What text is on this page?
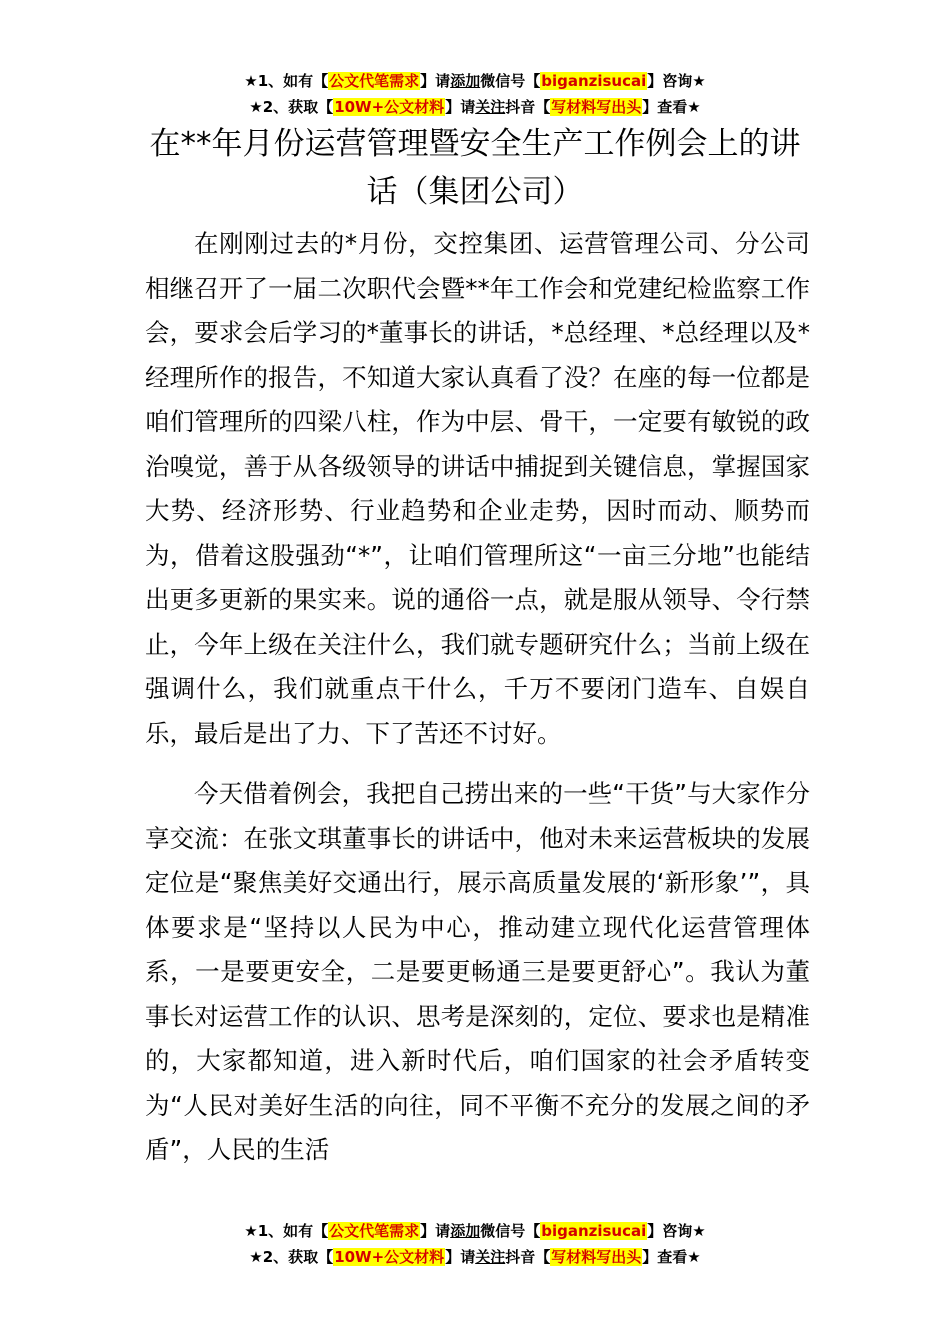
★1、如有【公文代笔需求】请添加微信号【biganzisucai】咨询★
★2、获取【10W+公文材料】请关注抖音【写材料写出头】查看★
在**年月份运营管理暨安全生产工作例会上的讲话（集团公司）

在刚刚过去的*月份，交控集团、运营管理公司、分公司相继召开了一届二次职代会暨**年工作会和党建纪检监察工作会，要求会后学习的*董事长的讲话，*总经理、*总经理以及*经理所作的报告，不知道大家认真看了没？在座的每一位都是咱们管理所的四梁八柱，作为中层、骨干，一定要有敏锐的政治嗅觉，善于从各级领导的讲话中捕捉到关键信息，掌握国家大势、经济形势、行业趋势和企业走势，因时而动、顺势而为，借着这股强劲“*”，让咱们管理所这“一亩三分地”也能结出更多更新的果实来。说的通俗一点，就是服从领导、令行禁止，今年上级在关注什么，我们就专题研究什么；当前上级在强调什么，我们就重点干什么，千万不要闭门造车、自娱自乐，最后是出了力、下了苦还不讨好。

今天借着例会，我把自己捞出来的一些“干货”与大家作分享交流：在张文琪董事长的讲话中，他对未来运营板块的发展定位是“聚焦美好交通出行，展示高质量发展的‘新形象’”，具体要求是“坚持以人民为中心，推动建立现代化运营管理体系，一是要更安全，二是要更畅通三是要更舒心”。我认为董事长对运营工作的认识、思考是深刻的，定位、要求也是精准的，大家都知道，进入新时代后，咱们国家的社会矛盾转变为“人民对美好生活的向往，同不平衡不充分的发展之间的矛盾”，人民的生活

★1、如有【公文代笔需求】请添加微信号【biganzisucai】咨询★
★2、获取【10W+公文材料】请关注抖音【写材料写出头】查看★
